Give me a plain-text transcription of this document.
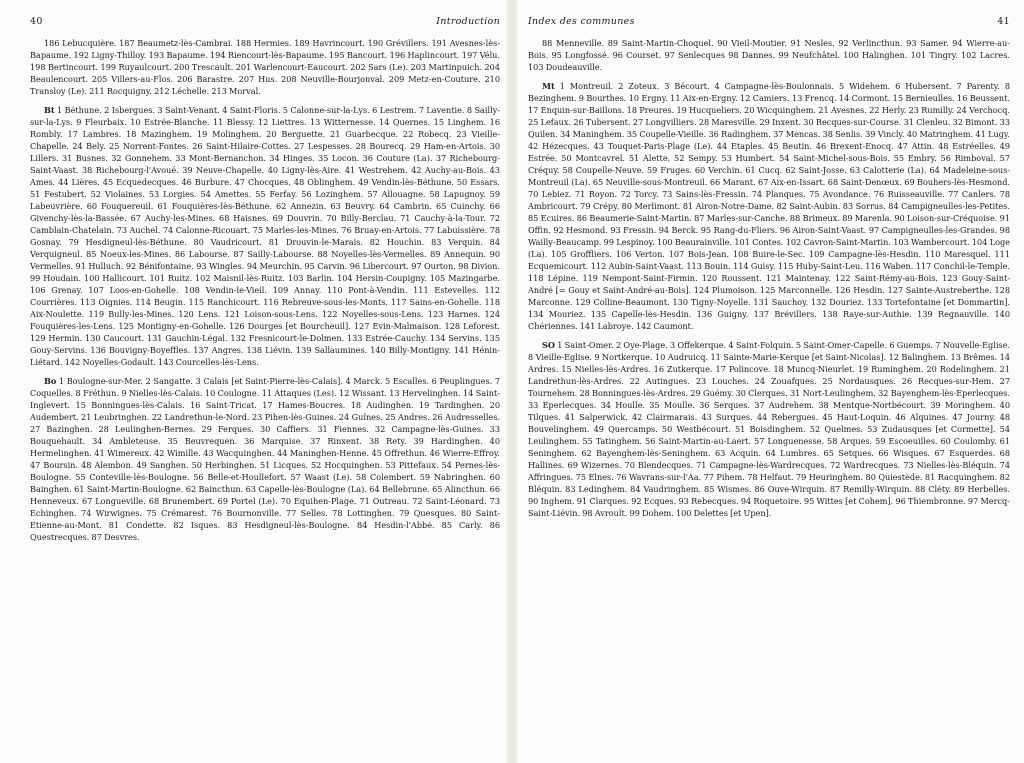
40	Introduction

186 Lebucquière. 187 Beaumetz-lès-Cambrai. 188 Hermies. 189 Havrincourt. 190 Grévillers. 191 Avesnes-lès-Bapaume. 192 Ligny-Thilloy. 193 Bapaume. 194 Riencourt-lès-Bapaume. 195 Bancourt. 196 Haplincourt. 197 Vélu. 198 Bertincourt. 199 Ruyaulcourt. 200 Trescault. 201 Warlencourt-Eaucourt. 202 Sars (Le). 203 Martinpuich. 204 Beaulencourt. 205 Villers-au-Flos. 206 Barastre. 207 Hus. 208 Neuville-Bourjonval. 209 Metz-en-Couture. 210 Transloy (Le). 211 Rocquigny. 212 Léchelle. 213 Morval.

Bt 1 Béthune. 2 Isbergues. 3 Saint-Venant. 4 Saint-Floris. 5 Calonne-sur-la-Lys. 6 Lestrem. 7 Laventie. 8 Sailly-sur-la-Lys. 9 Fleurbaix. 10 Estrée-Blanche. 11 Blessy. 12 Liettres. 13 Witternesse. 14 Quernes. 15 Linghem. 16 Rombly. 17 Lambres. 18 Mazinghem. 19 Molinghem. 20 Berguette. 21 Guarbecque. 22 Robecq. 23 Vieille-Chapelle. 24 Bely. 25 Norrent-Fontes. 26 Saint-Hilaire-Cottes. 27 Lespesses. 28 Bourecq. 29 Ham-en-Artois. 30 Lillers. 31 Busnes. 32 Gonnehem. 33 Mont-Bernanchon. 34 Hinges. 35 Locon. 36 Couture (La). 37 Richebourg-Saint-Vaast. 38 Richebourg-l'Avoué. 39 Neuve-Chapelle. 40 Ligny-lès-Aire. 41 Westrehem. 42 Auchy-au-Bois. 43 Ames. 44 Lières. 45 Ecquedecques. 46 Burbure. 47 Chocques. 48 Oblinghem. 49 Vendin-lès-Béthune. 50 Essars. 51 Festubert. 52 Violaines. 53 Lorgies. 54 Amettes. 55 Ferfay. 56 Lozinghem. 57 Allouagne. 58 Lapugnoy. 59 Labeuvrière. 60 Fouquereuil. 61 Fouquières-lès-Béthune. 62 Annezin. 63 Beuvry. 64 Cambrin. 65 Cuinchy. 66 Givenchy-lès-la-Bassée. 67 Auchy-les-Mines. 68 Haisnes. 69 Douvrin. 70 Billy-Berclau. 71 Cauchy-à-la-Tour. 72 Camblain-Chatelain. 73 Auchel. 74 Calonne-Ricouart. 75 Marles-les-Mines. 76 Bruay-en-Artois. 77 Labuissière. 78 Gosnay. 79 Hesdigneul-lès-Béthune. 80 Vaudricourt. 81 Drouvin-le-Marais. 82 Houchin. 83 Verquin. 84 Verquigneul. 85 Noeux-les-Mines. 86 Labourse. 87 Sailly-Labourse. 88 Noyelles-lès-Vermelles. 89 Annequin. 90 Vermelles. 91 Hulluch. 92 Bénifontaine. 93 Wingles. 94 Meurchin. 95 Carvin. 96 Libercourt. 97 Ourton. 98 Divion. 99 Houdain. 100 Hallicourt. 101 Ruitz. 102 Maisnil-lès-Ruitz. 103 Barlin. 104 Hersin-Coupigny. 105 Mazingarbe. 106 Grenay. 107 Loos-en-Gohelle. 108 Vendin-le-Vieil. 109 Annay. 110 Pont-à-Vendin. 111 Estevelles. 112 Courrières. 113 Oignies. 114 Beugin. 115 Ranchicourt. 116 Rebreuve-sous-les-Monts. 117 Sains-en-Gohelle. 118 Aix-Noulette. 119 Bully-les-Mines. 120 Lens. 121 Loison-sous-Lens. 122 Noyelles-sous-Lens. 123 Harnes. 124 Fouquières-les-Lens. 125 Montigny-en-Gohelle. 126 Dourges [et Bourcheuil]. 127 Evin-Malmaison. 128 Leforest. 129 Hermin. 130 Caucourt. 131 Gauchin-Légal. 132 Fresnicourt-le-Dolmen. 133 Estrée-Cauchy. 134 Servins. 135 Gouy-Servins. 136 Bouvigny-Boyeffles. 137 Angres. 138 Liévin. 139 Sallaumines. 140 Billy-Montigny. 141 Hénin-Liétard. 142 Noyelles-Godault. 143 Courcelles-lès-Lens.

Bo 1 Boulogne-sur-Mer. 2 Sangatte. 3 Calais [et Saint-Pierre-lès-Calais]. 4 Marck. 5 Escalles. 6 Peuplingues. 7 Coquelles. 8 Fréthun. 9 Nielles-lès-Calais. 10 Coulogne. 11 Attaques (Les). 12 Wissant. 13 Hervelinghen. 14 Saint-Inglevert. 15 Bonningues-lès-Calais. 16 Saint-Tricat. 17 Hames-Boucres. 18 Audinghen. 19 Tardinghen. 20 Audembert. 21 Leubringhen. 22 Landrethun-le-Nord. 23 Pihen-lès-Guines. 24 Guînes. 25 Andres. 26 Audresselles. 27 Bazinghen. 28 Leulinghen-Bernes. 29 Ferques. 30 Caffiers. 31 Fiennes. 32 Campagne-lès-Guines. 33 Bouquehault. 34 Ambleteuse. 35 Beuvrequen. 36 Marquise. 37 Rinxent. 38 Rety. 39 Hardinghen. 40 Hermelinghen. 41 Wimereux. 42 Wimille. 43 Wacquinghen. 44 Maninghen-Henne. 45 Offrethun. 46 Wierre-Effroy. 47 Boursin. 48 Alembon. 49 Sanghen. 50 Herbinghen. 51 Licques. 52 Hocquinghen. 53 Pittefaux. 54 Pernes-lès-Boulogne. 55 Conteville-lès-Boulogne. 56 Belle-et-Houllefort. 57 Waast (Le). 58 Colembert. 59 Nabringhen. 60 Bainghen. 61 Saint-Martin-Boulogne. 62 Baincthun. 63 Capelle-lès-Boulogne (La). 64 Bellebrune. 65 Alincthun. 66 Henneveux. 67 Longueville. 68 Brunembert. 69 Portel (Le). 70 Equihen-Plage. 71 Outreau. 72 Saint-Léonard. 73 Echinghen. 74 Wirwignes. 75 Crémarest. 76 Bournonville. 77 Selles. 78 Lottinghen. 79 Quesques. 80 Saint-Etienne-au-Mont. 81 Condette. 82 Isques. 83 Hesdigneul-lès-Boulogne. 84 Hesdin-l'Abbé. 85 Carly. 86 Questrecques. 87 Desvres.

Index des communes	41

88 Menneville. 89 Saint-Martin-Choquel. 90 Vieil-Moutier. 91 Nesles. 92 Verlincthun. 93 Samer. 94 Wierre-au-Bois. 95 Longfossé. 96 Courset. 97 Senlecques 98 Dannes. 99 Neufchâtel. 100 Halinghen. 101 Tingry. 102 Lacres. 103 Doudeauville.

Mt 1 Montreuil. 2 Zoteux. 3 Bécourt. 4 Campagne-lès-Boulonnais. 5 Widehem. 6 Hubersent. 7 Parenty. 8 Bezinghem. 9 Bourthes. 10 Ergny. 11 Aix-en-Ergny. 12 Camiers. 13 Frencq. 14 Cormont. 15 Bernieulles. 16 Beussent. 17 Enquin-sur-Baillons. 18 Preures. 19 Hucqueliers. 20 Wicquinghem. 21 Avesnes. 22 Herly. 23 Rumilly. 24 Verchocq. 25 Lefaux. 26 Tubersent. 27 Longvilliers. 28 Maresville. 29 Inxent. 30 Recques-sur-Course. 31 Clenleu. 32 Bimont. 33 Quilen. 34 Maninghem. 35 Coupelle-Vieille. 36 Radinghem. 37 Mencas. 38 Senlis. 39 Vincly. 40 Matringhem. 41 Lugy. 42 Hézecques. 43 Touquet-Paris-Plage (Le). 44 Etaples. 45 Beutin. 46 Brexent-Enocq. 47 Attin. 48 Estréelles. 49 Estrée. 50 Montcavrel. 51 Alette. 52 Sempy. 53 Humbert. 54 Saint-Michel-sous-Bois. 55 Embry. 56 Rimboval. 57 Créquy. 58 Coupelle-Neuve. 59 Fruges. 60 Verchin. 61 Cucq. 62 Saint-Josse. 63 Calotterie (La). 64 Madeleine-sous-Montreuil (La). 65 Neuville-sous-Montreuil. 66 Marant. 67 Aix-en-Issart. 68 Saint-Denœux. 69 Bouhers-lès-Hesmond. 70 Lebiez. 71 Royon. 72 Torcy. 73 Sains-lès-Fressin. 74 Planques. 75 Avondance. 76 Ruisseauville. 77 Canlers. 78 Ambricourt. 79 Crépy. 80 Merlimont. 81 Airon-Notre-Dame. 82 Saint-Aubin. 83 Sorrus. 84 Campigneulles-les-Petites. 85 Ecuires. 86 Beaumerie-Saint-Martin. 87 Marles-sur-Canche. 88 Brimeux. 89 Marenla. 90 Loison-sur-Créquoise. 91 Offin. 92 Hesmond. 93 Fressin. 94 Berck. 95 Rang-du-Fliers. 96 Airon-Saint-Vaast. 97 Campigneulles-les-Grandes. 98 Wailly-Beaucamp. 99 Lespinoy. 100 Beaurainville. 101 Contes. 102 Cavron-Saint-Martin. 103 Wambercourt. 104 Loge (La). 105 Groffliers. 106 Verton. 107 Bois-Jean. 108 Buire-le-Sec. 109 Campagne-lès-Hesdin. 110 Maresquel. 111 Ecquemicourt. 112 Aubin-Saint-Vaast. 113 Bouin. 114 Guisy. 115 Huby-Saint-Leu. 116 Waben. 117 Conchil-le-Temple. 118 Lépine. 119 Nempont-Saint-Firmin. 120 Roussent. 121 Maintenay. 122 Saint-Rémy-au-Bois. 123 Gouy-Saint-André [= Gouy et Saint-André-au-Bois]. 124 Plumoison. 125 Marconnelle. 126 Hesdin. 127 Sainte-Austreberthe. 128 Marconne. 129 Colline-Beaumont. 130 Tigny-Noyelle. 131 Sauchoy. 132 Douriez. 133 Tortefontaine [et Dommartin]. 134 Mouriez. 135 Capelle-lès-Hesdin. 136 Guigny. 137 Brévillers. 138 Raye-sur-Authie. 139 Regnauville. 140 Chériennes. 141 Labroye. 142 Caumont.

SO 1 Saint-Omer. 2 Oye-Plage. 3 Offekerque. 4 Saint-Folquin. 5 Saint-Omer-Capelle. 6 Guemps. 7 Nouvelle-Eglise. 8 Vieille-Eglise. 9 Nortkerque. 10 Audruicq. 11 Sainte-Marie-Kerque [et Saint-Nicolas]. 12 Balinghem. 13 Brêmes. 14 Ardres. 15 Nielles-lès-Ardres. 16 Zutkerque. 17 Polincove. 18 Muncq-Nieurlet. 19 Ruminghem. 20 Rodelinghem. 21 Landrethun-lès-Ardres. 22 Autingues. 23 Louches. 24 Zouafques. 25 Nordausques. 26 Recques-sur-Hem. 27 Tournehem. 28 Bonningues-lès-Ardres. 29 Guémy. 30 Clerques. 31 Nort-Leulinghem. 32 Bayenghem-lès-Eperlecques. 33 Eperlecques. 34 Houlle. 35 Moulle. 36 Serques. 37 Audrehem. 38 Mentque-Nortbécourt. 39 Moringhem. 40 Tilques. 41 Salperwick. 42 Clairmarais. 43 Surques. 44 Rebergues. 45 Haut-Loquin. 46 Alquines. 47 Journy. 48 Bouvelinghem. 49 Quercamps. 50 Westbécourt. 51 Boisdinghem. 52 Quelmes. 53 Zudausques [et Cormette]. 54 Leulinghem. 55 Tatinghem. 56 Saint-Martin-au-Laert. 57 Longuenesse. 58 Arques. 59 Escoeuilles. 60 Coulomby. 61 Seninghem. 62 Bayenghem-lès-Seninghem. 63 Acquin. 64 Lumbres. 65 Setques. 66 Wisques. 67 Esquerdes. 68 Hallines. 69 Wizernes. 70 Blendecques. 71 Campagne-lès-Wardrecques. 72 Wardrecques. 73 Nielles-lès-Bléquin. 74 Affringues. 75 Elnes. 76 Wavrans-sur-l'Aa. 77 Pihem. 78 Helfaut. 79 Heuringhem. 80 Quiestède. 81 Racquinghem. 82 Bléquin. 83 Ledinghem. 84 Vaudringhem. 85 Wismes. 86 Ouve-Wirquin. 87 Remilly-Wirquin. 88 Cléty. 89 Herbelles. 90 Inghem. 91 Clarques. 92 Ecques. 93 Rebecques. 94 Roquetoire. 95 Wittes [et Cohem]. 96 Thiembronne. 97 Mercq-Saint-Liévin. 98 Avroult. 99 Dohem. 100 Delettes [et Upen].
